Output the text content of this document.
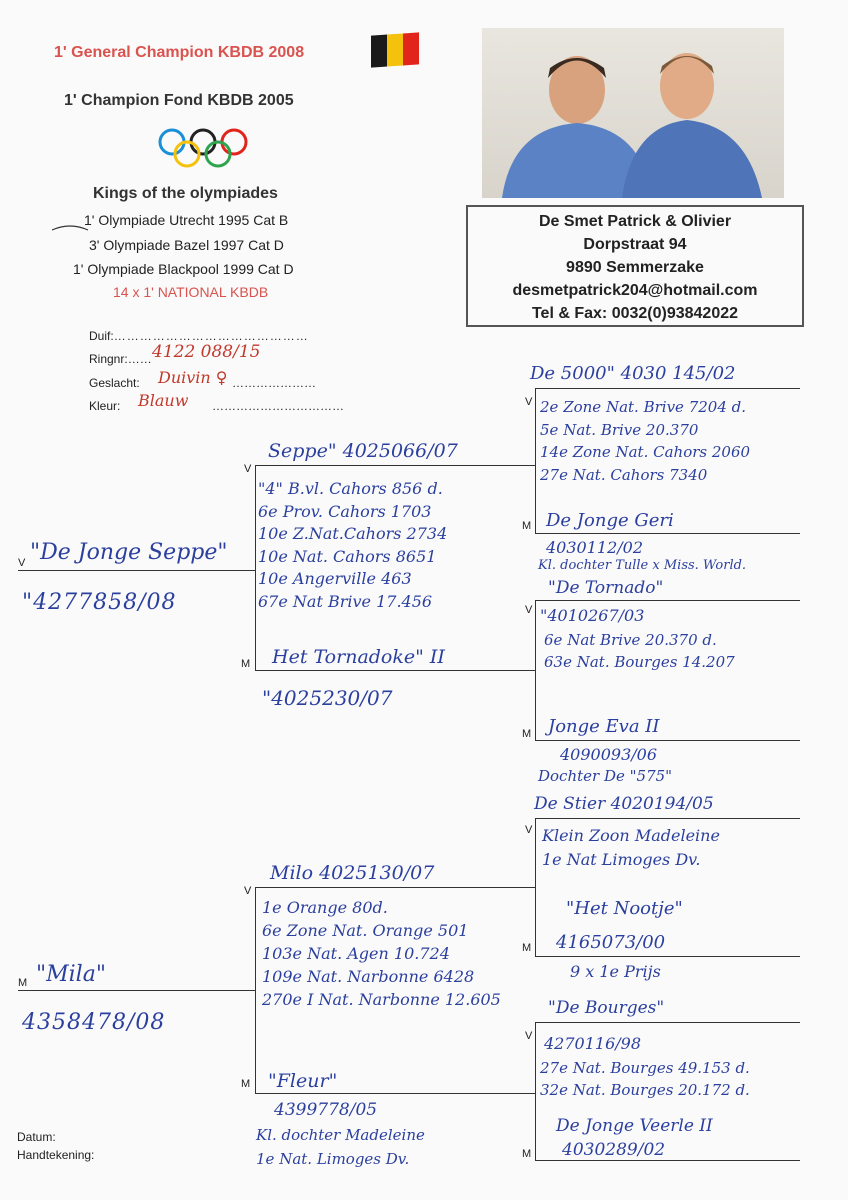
1' General Champion KBDB 2008
1' Champion Fond KBDB 2005
Kings of the olympiades
1' Olympiade Utrecht 1995 Cat B
3' Olympiade Bazel 1997 Cat D
1' Olympiade Blackpool 1999 Cat D
14 x 1' NATIONAL KBDB
De Smet Patrick & Olivier
Dorpstraat 94
9890 Semmerzake
desmetpatrick204@hotmail.com
Tel & Fax: 0032(0)93842022
Duif:………………………………………
Ringnr:…… 4122 088/15
Geslacht: Duivin ♀ …………………
Kleur: Blauw ……………………………
V
M
V
M
V
M
V
M
V
M
V
M
V
M
"De Jonge Seppe"
"4277858/08
Seppe" 4025066/07
"4" B.vl. Cahors 856 d.
6e Prov. Cahors 1703
10e Z.Nat.Cahors 2734
10e Nat. Cahors 8651
10e Angerville 463
67e Nat Brive 17.456
Het Tornadoke" II
"4025230/07
De 5000" 4030 145/02
2e Zone Nat. Brive 7204 d.
5e Nat. Brive 20.370
14e Zone Nat. Cahors 2060
27e Nat. Cahors 7340
De Jonge Geri
4030112/02
Kl. dochter Tulle x Miss. World.
"De Tornado"
"4010267/03
6e Nat Brive 20.370 d.
63e Nat. Bourges 14.207
Jonge Eva II
4090093/06
Dochter De "575"
"Mila"
4358478/08
Milo 4025130/07
1e Orange 80d.
6e Zone Nat. Orange 501
103e Nat. Agen 10.724
109e Nat. Narbonne 6428
270e I Nat. Narbonne 12.605
"Fleur"
4399778/05
Kl. dochter Madeleine
1e Nat. Limoges Dv.
De Stier 4020194/05
Klein Zoon Madeleine
1e Nat Limoges Dv.
"Het Nootje"
4165073/00
9 x 1e Prijs
"De Bourges"
4270116/98
27e Nat. Bourges 49.153 d.
32e Nat. Bourges 20.172 d.
De Jonge Veerle II
4030289/02
Datum:
Handtekening:
